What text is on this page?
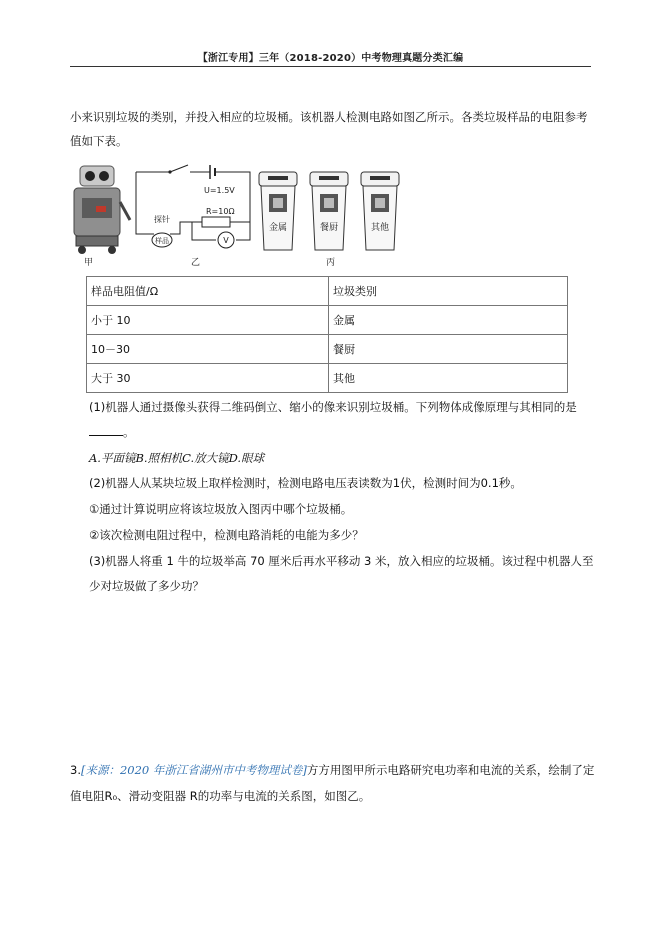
【浙江专用】三年（2018-2020）中考物理真题分类汇编
小来识别垃圾的类别，并投入相应的垃圾桶。该机器人检测电路如图乙所示。各类垃圾样品的电阻参考
值如下表。
甲
V
U=1.5V
R=10Ω
探针
样品
乙
金属	餐厨	其他
丙
样品电阻值/Ω	垃圾类别
小于 10	金属
10－30	餐厨
大于 30	其他
(1)机器人通过摄像头获得二维码倒立、缩小的像来识别垃圾桶。下列物体成像原理与其相同的是
。
A.平面镜B.照相机C.放大镜D.眼球
(2)机器人从某块垃圾上取样检测时，检测电路电压表读数为1伏，检测时间为0.1秒。
①通过计算说明应将该垃圾放入图丙中哪个垃圾桶。
②该次检测电阻过程中，检测电路消耗的电能为多少？
(3)机器人将重 1 牛的垃圾举高 70 厘米后再水平移动 3 米，放入相应的垃圾桶。该过程中机器人至
少对垃圾做了多少功？
3.[来源：2020 年浙江省湖州市中考物理试卷]方方用图甲所示电路研究电功率和电流的关系，绘制了定
值电阻R₀、滑动变阻器 R的功率与电流的关系图，如图乙。
